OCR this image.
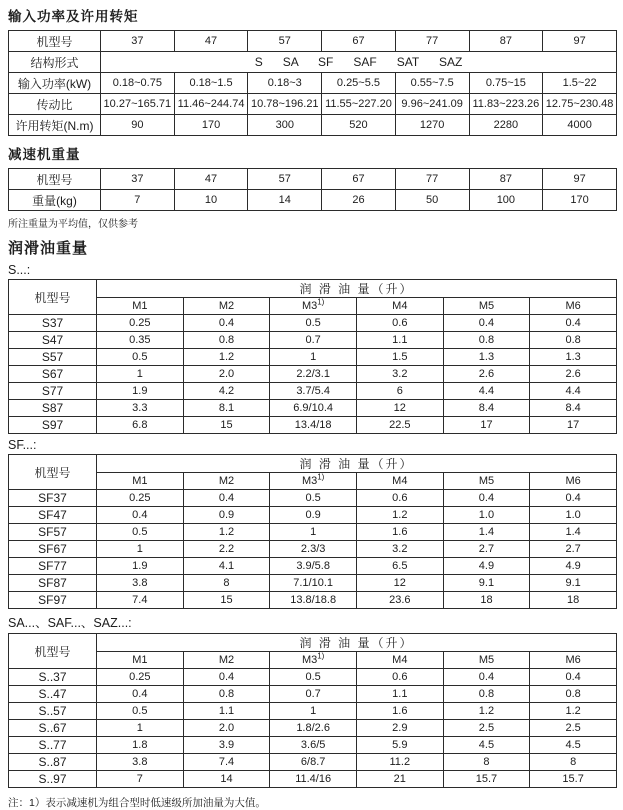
输入功率及许用转矩
机型号	37	47	57	67	77	87	97
结构形式	S      SA      SF      SAF      SAT      SAZ						
输入功率(kW)	0.18~0.75	0.18~1.5	0.18~3	0.25~5.5	0.55~7.5	0.75~15	1.5~22
传动比	10.27~165.71	11.46~244.74	10.78~196.21	11.55~227.20	9.96~241.09	11.83~223.26	12.75~230.48
许用转矩(N.m)	90	170	300	520	1270	2280	4000
减速机重量
机型号	37	47	57	67	77	87	97
重量(kg)	7	10	14	26	50	100	170
所注重量为平均值，仅供参考
润滑油重量
S...:
机型号	润 滑 油 量（升）					
	M1	M2	M3$^{1)}$	M4	M5	M6
S37	0.25	0.4	0.5	0.6	0.4	0.4
S47	0.35	0.8	0.7	1.1	0.8	0.8
S57	0.5	1.2	1	1.5	1.3	1.3
S67	1	2.0	2.2/3.1	3.2	2.6	2.6
S77	1.9	4.2	3.7/5.4	6	4.4	4.4
S87	3.3	8.1	6.9/10.4	12	8.4	8.4
S97	6.8	15	13.4/18	22.5	17	17
SF...:
机型号	润 滑 油 量（升）					
	M1	M2	M3$^{1)}$	M4	M5	M6
SF37	0.25	0.4	0.5	0.6	0.4	0.4
SF47	0.4	0.9	0.9	1.2	1.0	1.0
SF57	0.5	1.2	1	1.6	1.4	1.4
SF67	1	2.2	2.3/3	3.2	2.7	2.7
SF77	1.9	4.1	3.9/5.8	6.5	4.9	4.9
SF87	3.8	8	7.1/10.1	12	9.1	9.1
SF97	7.4	15	13.8/18.8	23.6	18	18
SA...、SAF...、SAZ...:
机型号	润 滑 油 量（升）					
	M1	M2	M3$^{1)}$	M4	M5	M6
S..37	0.25	0.4	0.5	0.6	0.4	0.4
S..47	0.4	0.8	0.7	1.1	0.8	0.8
S..57	0.5	1.1	1	1.6	1.2	1.2
S..67	1	2.0	1.8/2.6	2.9	2.5	2.5
S..77	1.8	3.9	3.6/5	5.9	4.5	4.5
S..87	3.8	7.4	6/8.7	11.2	8	8
S..97	7	14	11.4/16	21	15.7	15.7
注：1）表示减速机为组合型时低速级所加油量为大值。
